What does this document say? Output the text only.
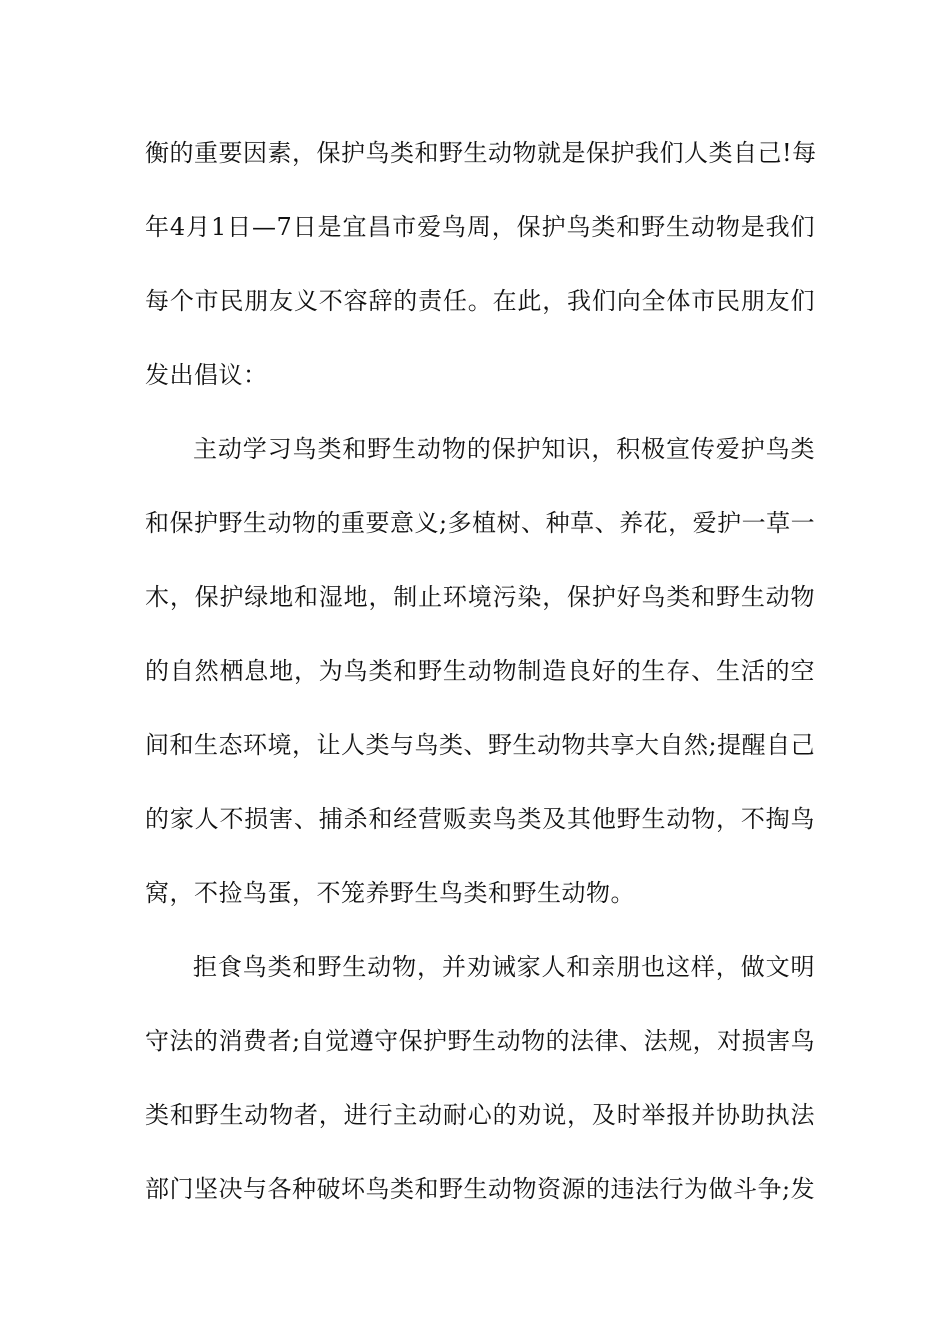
衡的重要因素，保护鸟类和野生动物就是保护我们人类自己!每
年4月1日—7日是宜昌市爱鸟周，保护鸟类和野生动物是我们
每个市民朋友义不容辞的责任。在此，我们向全体市民朋友们
发出倡议：
主动学习鸟类和野生动物的保护知识，积极宣传爱护鸟类
和保护野生动物的重要意义;多植树、种草、养花，爱护一草一
木，保护绿地和湿地，制止环境污染，保护好鸟类和野生动物
的自然栖息地，为鸟类和野生动物制造良好的生存、生活的空
间和生态环境，让人类与鸟类、野生动物共享大自然;提醒自己
的家人不损害、捕杀和经营贩卖鸟类及其他野生动物，不掏鸟
窝，不捡鸟蛋，不笼养野生鸟类和野生动物。
拒食鸟类和野生动物，并劝诫家人和亲朋也这样，做文明
守法的消费者;自觉遵守保护野生动物的法律、法规，对损害鸟
类和野生动物者，进行主动耐心的劝说，及时举报并协助执法
部门坚决与各种破坏鸟类和野生动物资源的违法行为做斗争;发
